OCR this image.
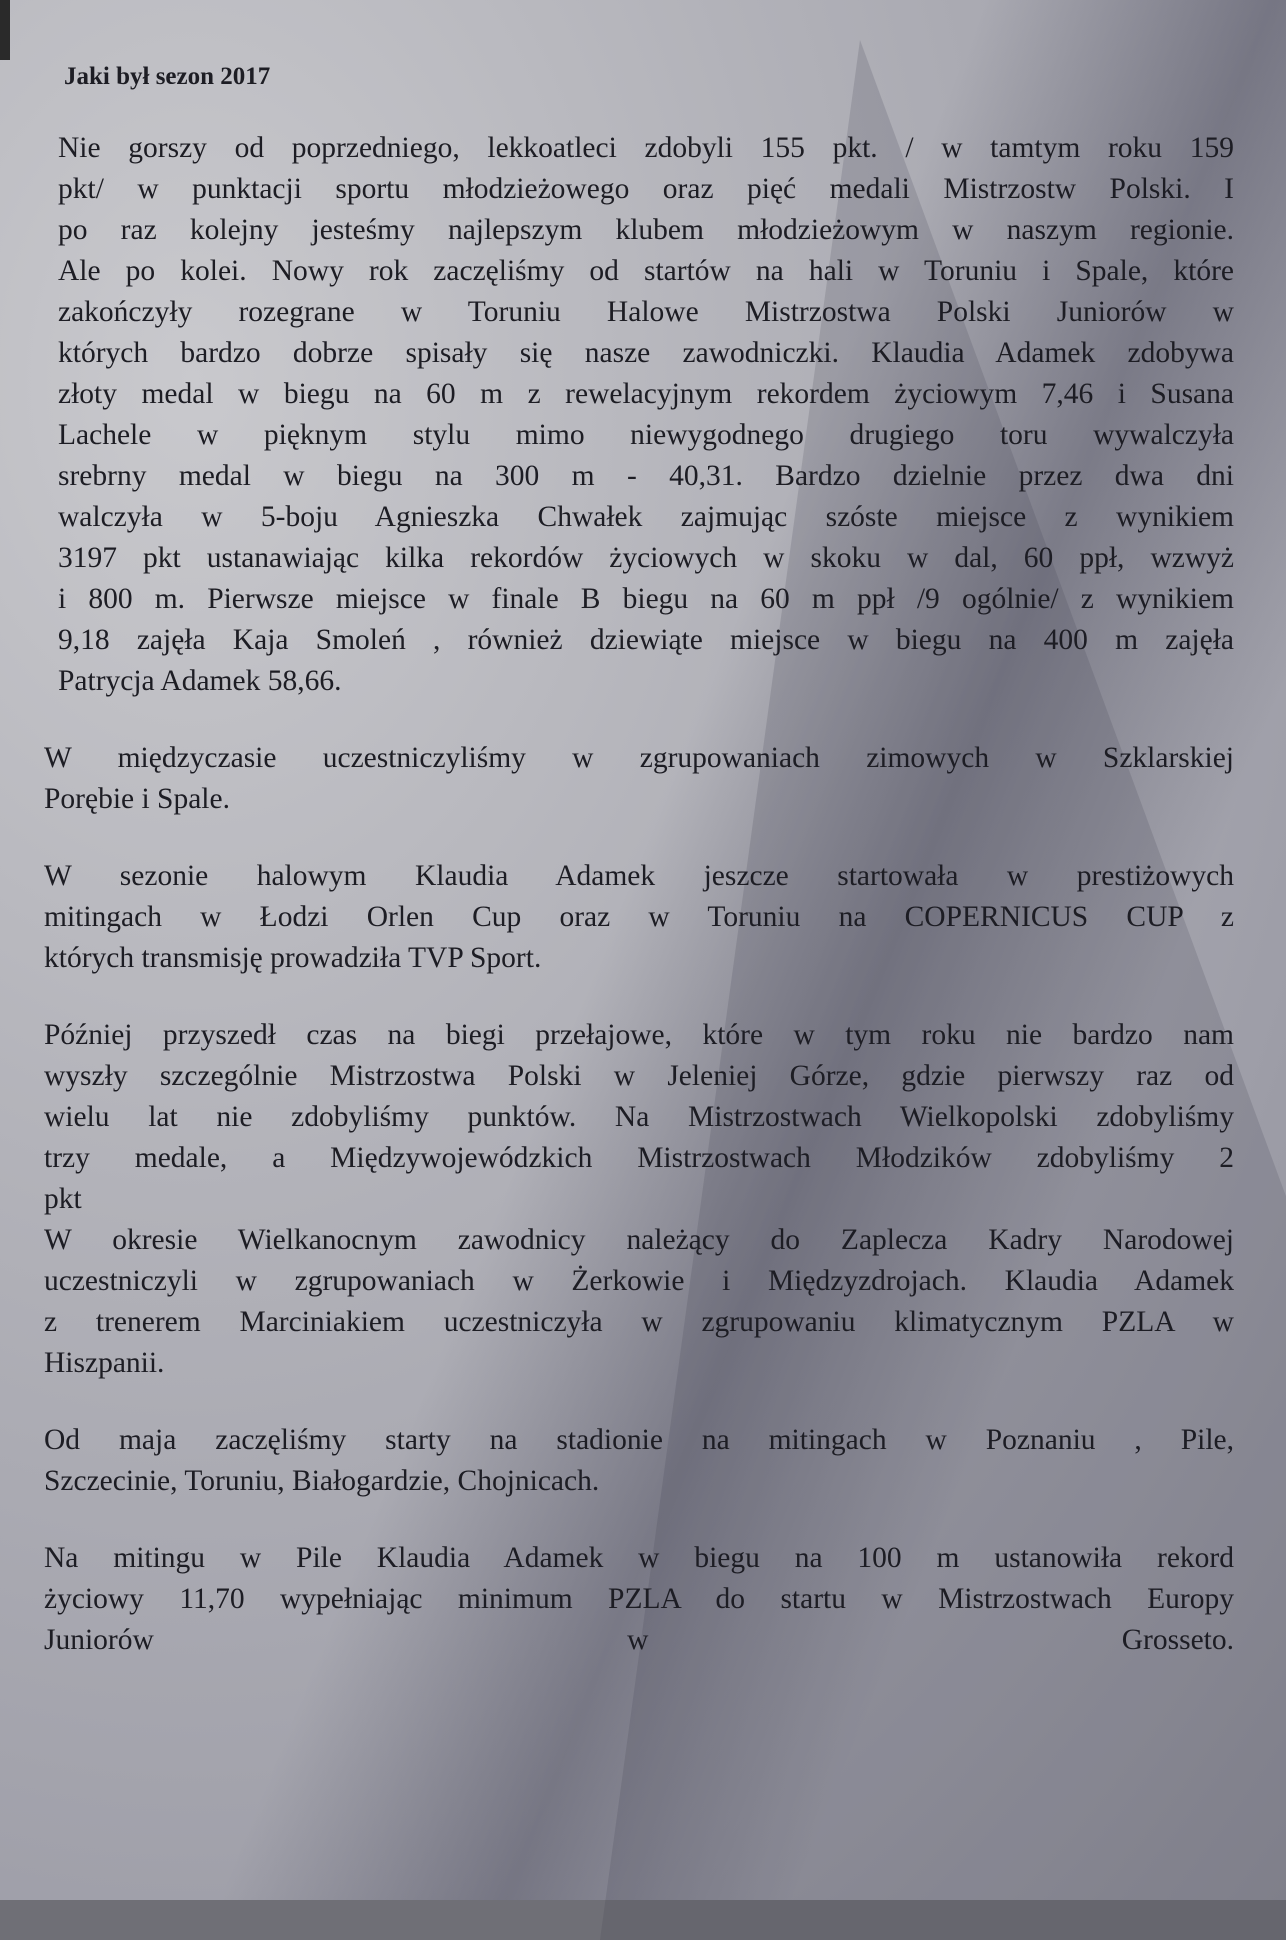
Jaki był sezon 2017
Nie gorszy od poprzedniego, lekkoatleci zdobyli 155 pkt. / w tamtym roku 159
pkt/ w punktacji sportu młodzieżowego oraz pięć medali Mistrzostw Polski. I
po raz kolejny jesteśmy najlepszym klubem młodzieżowym w naszym regionie.
Ale po kolei. Nowy rok zaczęliśmy od startów na hali w Toruniu i Spale, które
zakończyły rozegrane w Toruniu Halowe Mistrzostwa Polski Juniorów w
których bardzo dobrze spisały się nasze zawodniczki. Klaudia Adamek zdobywa
złoty medal w biegu na 60 m z rewelacyjnym rekordem życiowym 7,46 i Susana
Lachele w pięknym stylu mimo niewygodnego drugiego toru wywalczyła
srebrny medal w biegu na 300 m - 40,31. Bardzo dzielnie przez dwa dni
walczyła w 5-boju Agnieszka Chwałek zajmując szóste miejsce z wynikiem
3197 pkt ustanawiając kilka rekordów życiowych w skoku w dal, 60 ppł, wzwyż
i 800 m. Pierwsze miejsce w finale B biegu na 60 m ppł /9 ogólnie/ z wynikiem
9,18 zajęła Kaja Smoleń , również dziewiąte miejsce w biegu na 400 m zajęła
Patrycja Adamek 58,66.
W międzyczasie uczestniczyliśmy w zgrupowaniach zimowych w Szklarskiej
Porębie i Spale.
W sezonie halowym Klaudia Adamek jeszcze startowała w prestiżowych
mitingach w Łodzi Orlen Cup oraz w Toruniu na COPERNICUS CUP z
których transmisję prowadziła TVP Sport.
Później przyszedł czas na biegi przełajowe, które w tym roku nie bardzo nam
wyszły szczególnie Mistrzostwa Polski w Jeleniej Górze, gdzie pierwszy raz od
wielu lat nie zdobyliśmy punktów. Na Mistrzostwach Wielkopolski zdobyliśmy
trzy medale, a Międzywojewódzkich Mistrzostwach Młodzików zdobyliśmy 2
pkt
W okresie Wielkanocnym zawodnicy należący do Zaplecza Kadry Narodowej
uczestniczyli w zgrupowaniach w Żerkowie i Międzyzdrojach. Klaudia Adamek
z trenerem Marciniakiem uczestniczyła w zgrupowaniu klimatycznym PZLA w
Hiszpanii.
Od maja zaczęliśmy starty na stadionie na mitingach w Poznaniu , Pile,
Szczecinie, Toruniu, Białogardzie, Chojnicach.
Na mitingu w Pile Klaudia Adamek w biegu na 100 m ustanowiła rekord
życiowy 11,70 wypełniając minimum PZLA do startu w Mistrzostwach Europy
Juniorów w Grosseto.
